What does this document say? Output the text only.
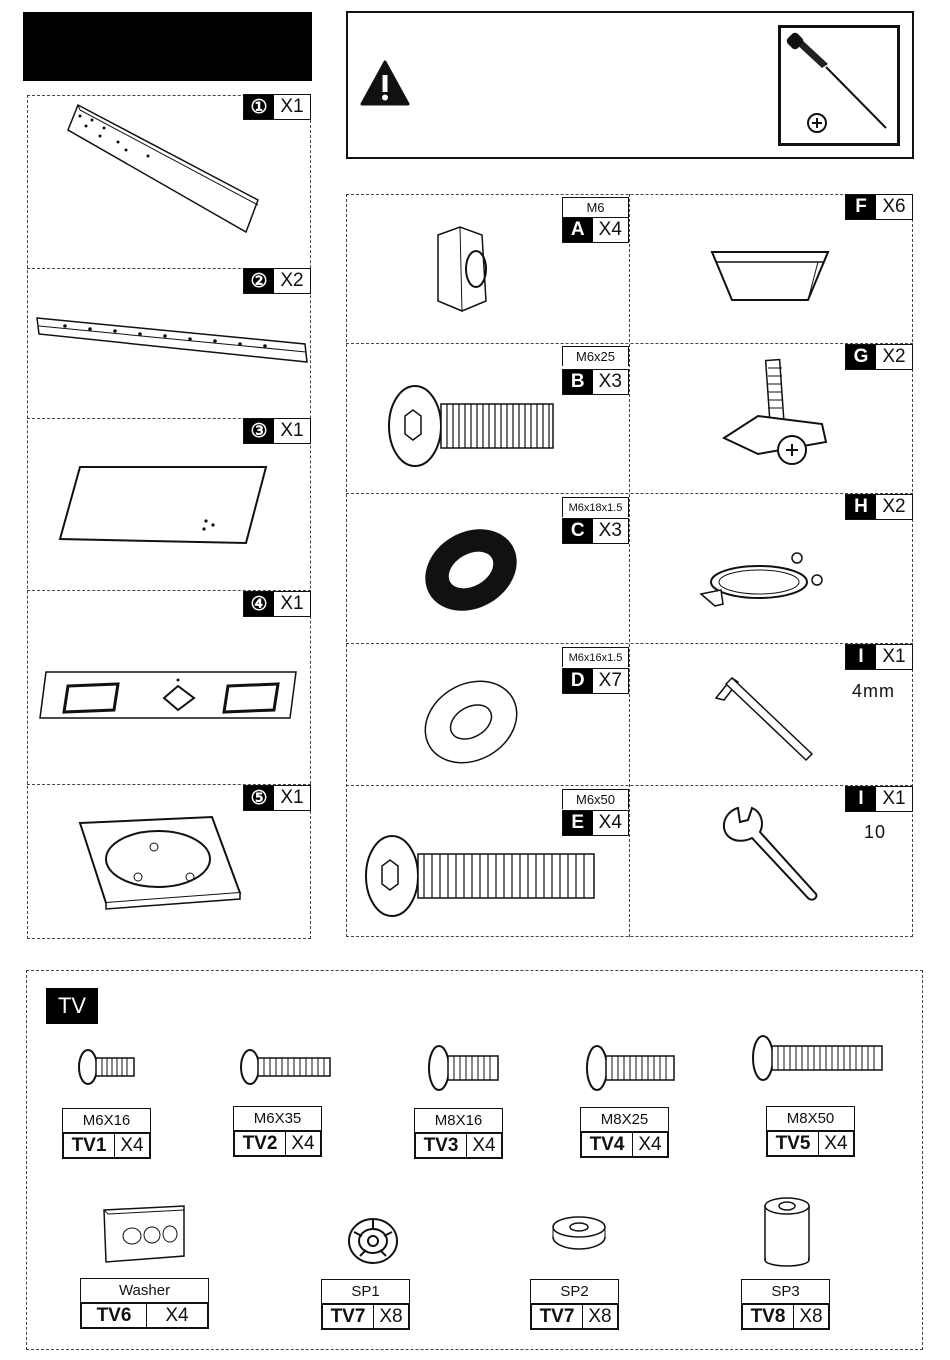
① X1
② X2
③ X1
④ X1
⑤ X1
M6
A X4
M6x25
B X3
M6x18x1.5
C X3
M6x16x1.5
D X7
M6x50
E X4
F X6
G X2
H X2
I X1
4mm
I X1
10
TV
M6X16
TV1 X4
M6X35
TV2 X4
M8X16
TV3 X4
M8X25
TV4 X4
M8X50
TV5 X4
Washer
TV6	X4
SP1
TV7 X8
SP2
TV7 X8
SP3
TV8 X8
